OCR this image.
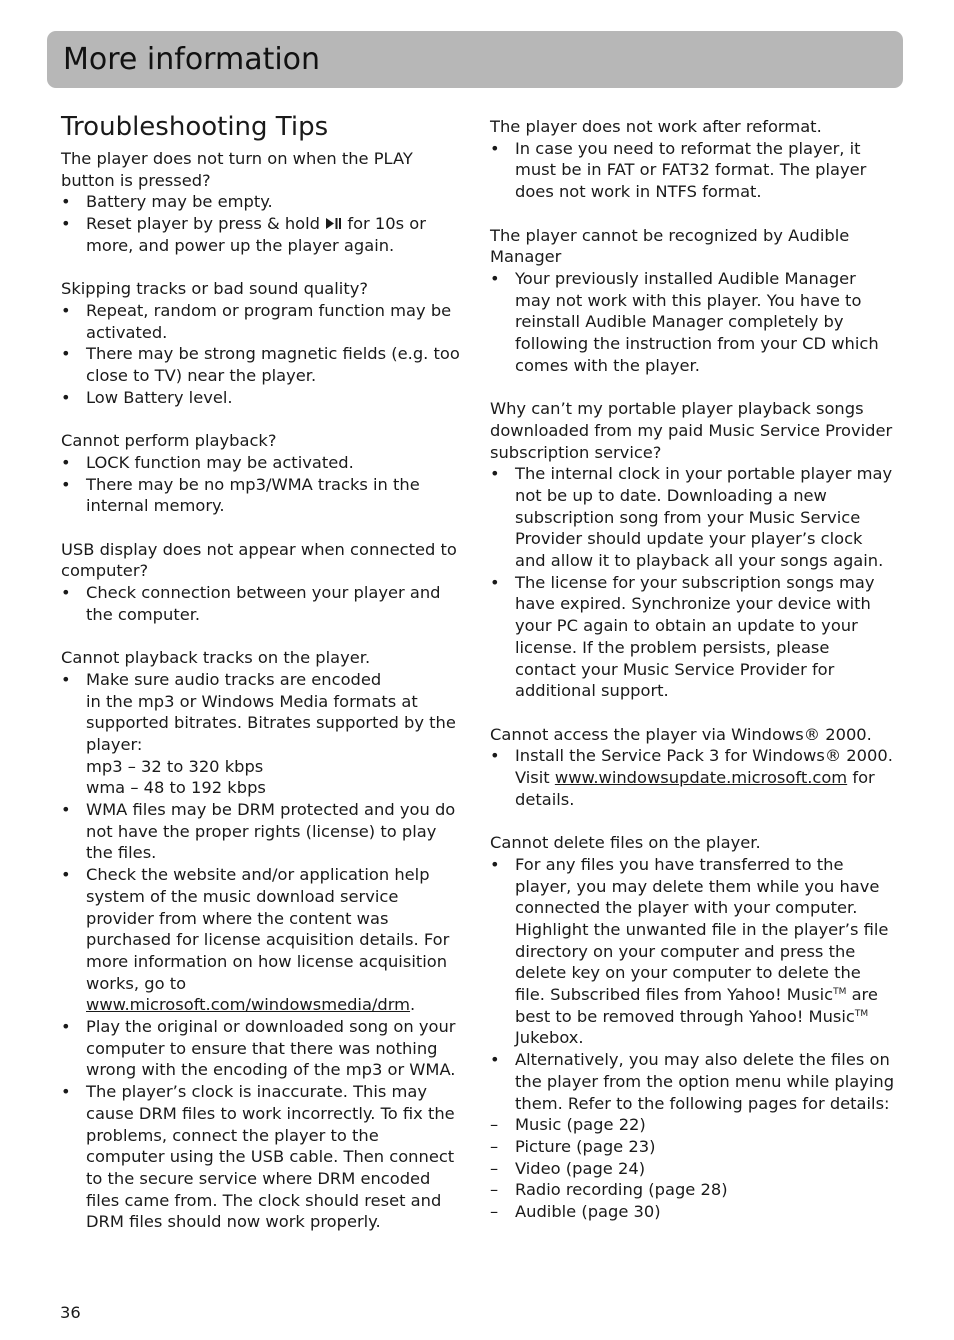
More information
Troubleshooting Tips
The player does not turn on when the PLAY button is pressed?
• Battery may be empty.
• Reset player by press & hold  for 10s or more, and power up the player again.
Skipping tracks or bad sound quality?
• Repeat, random or program function may be activated.
• There may be strong magnetic fields (e.g. too close to TV) near the player.
• Low Battery level.
Cannot perform playback?
• LOCK function may be activated.
• There may be no mp3/WMA tracks in the internal memory.
USB display does not appear when connected to computer?
• Check connection between your player and the computer.
Cannot playback tracks on the player.
• Make sure audio tracks are encoded
in the mp3 or Windows Media formats at supported bitrates. Bitrates supported by the player:
mp3 – 32 to 320 kbps
wma – 48 to 192 kbps
• WMA files may be DRM protected and you do not have the proper rights (license) to play the files.
• Check the website and/or application help system of the music download service provider from where the content was purchased for license acquisition details. For more information on how license acquisition works, go to www.microsoft.com/windowsmedia/drm.
• Play the original or downloaded song on your computer to ensure that there was nothing wrong with the encoding of the mp3 or WMA.
• The player’s clock is inaccurate. This may cause DRM files to work incorrectly. To fix the problems, connect the player to the computer using the USB cable. Then connect to the secure service where DRM encoded files came from. The clock should reset and DRM files should now work properly.
The player does not work after reformat.
• In case you need to reformat the player, it must be in FAT or FAT32 format. The player does not work in NTFS format.
The player cannot be recognized by Audible Manager
• Your previously installed Audible Manager may not work with this player. You have to reinstall Audible Manager completely by following the instruction from your CD which comes with the player.
Why can’t my portable player playback songs downloaded from my paid Music Service Provider subscription service?
• The internal clock in your portable player may not be up to date. Downloading a new subscription song from your Music Service Provider should update your player’s clock and allow it to playback all your songs again.
• The license for your subscription songs may have expired. Synchronize your device with your PC again to obtain an update to your license. If the problem persists, please contact your Music Service Provider for additional support.
Cannot access the player via Windows® 2000.
• Install the Service Pack 3 for Windows® 2000. Visit www.windowsupdate.microsoft.com for details.
Cannot delete files on the player.
• For any files you have transferred to the player, you may delete them while you have connected the player with your computer. Highlight the unwanted file in the player’s file directory on your computer and press the delete key on your computer to delete the file. Subscribed files from Yahoo! Music™ are best to be removed through Yahoo! Music™ Jukebox.
• Alternatively, you may also delete the files on the player from the option menu while playing them. Refer to the following pages for details:
– Music (page 22)
– Picture (page 23)
– Video (page 24)
– Radio recording (page 28)
– Audible (page 30)
36
